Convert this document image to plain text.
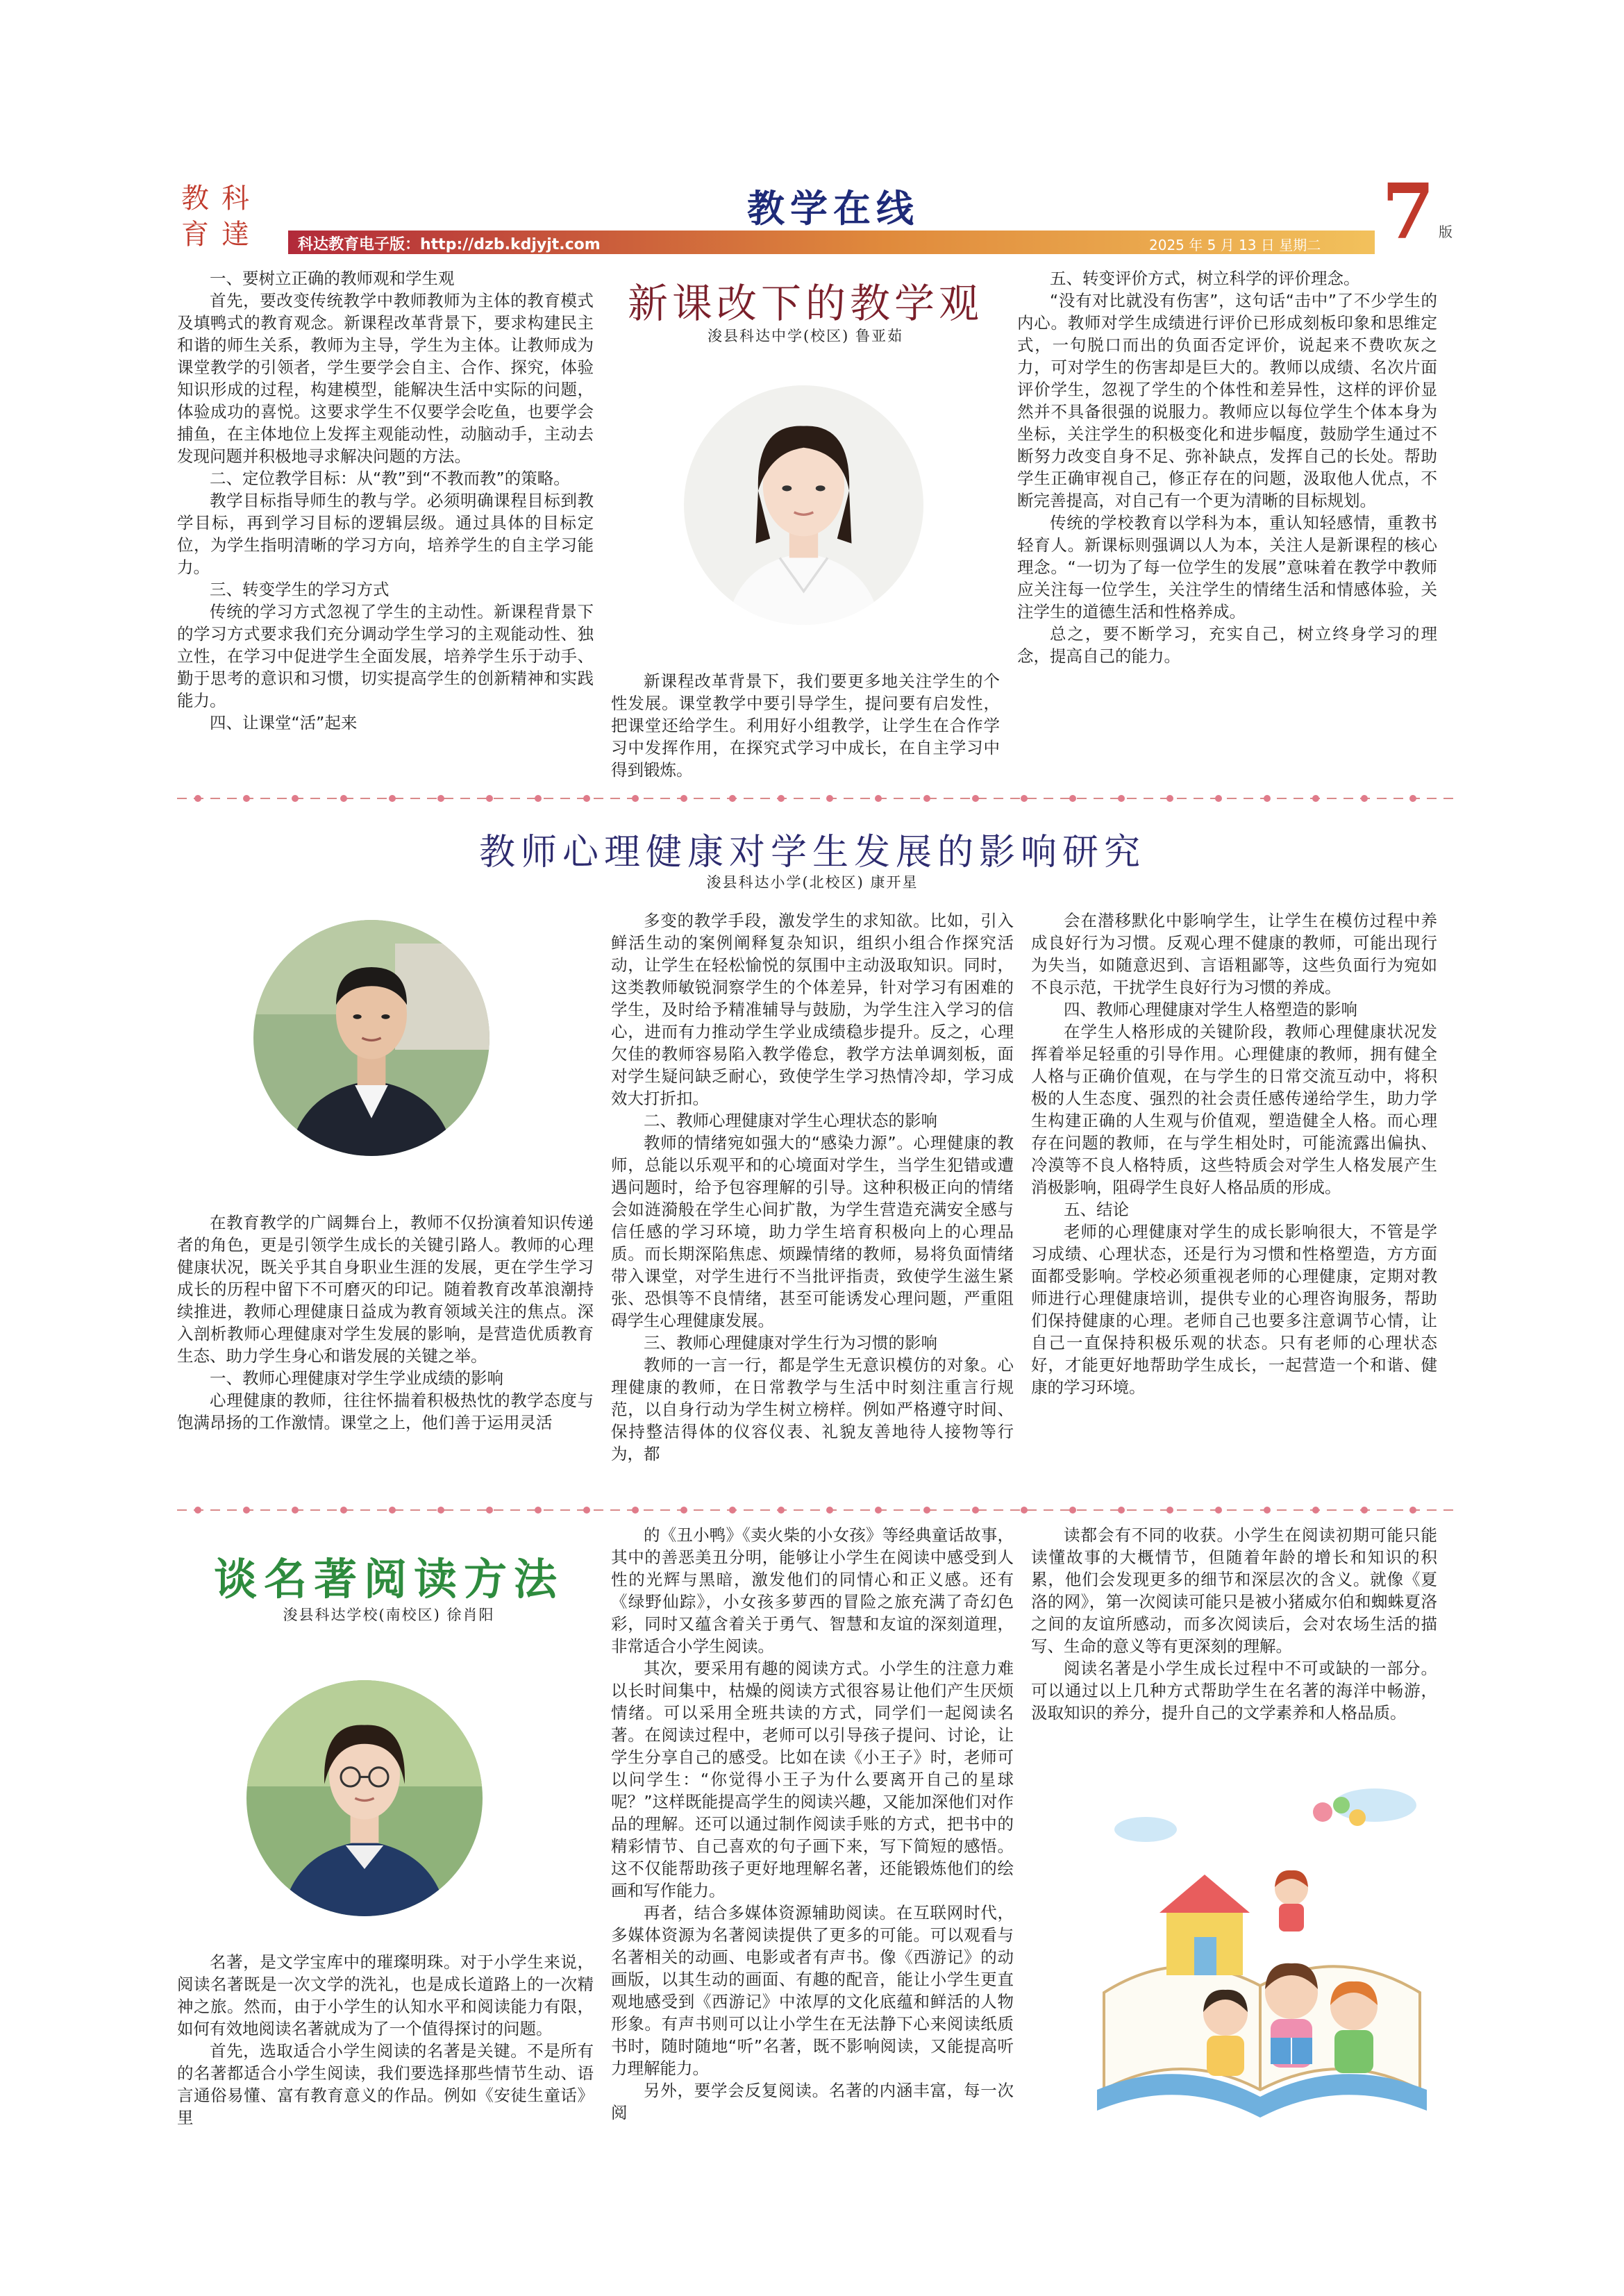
教 科
育 達
教学在线
科达教育电子版：http://dzb.kdjyjt.com	2025 年 5 月 13 日 星期二 7 版

一、要树立正确的教师观和学生观

首先，要改变传统教学中教师教师为主体的教育模式及填鸭式的教育观念。新课程改革背景下，要求构建民主和谐的师生关系，教师为主导，学生为主体。让教师成为课堂教学的引领者，学生要学会自主、合作、探究，体验知识形成的过程，构建模型，能解决生活中实际的问题，体验成功的喜悦。这要求学生不仅要学会吃鱼，也要学会捕鱼，在主体地位上发挥主观能动性，动脑动手，主动去发现问题并积极地寻求解决问题的方法。

二、定位教学目标：从“教”到“不教而教”的策略。

教学目标指导师生的教与学。必须明确课程目标到教学目标，再到学习目标的逻辑层级。通过具体的目标定位，为学生指明清晰的学习方向，培养学生的自主学习能力。

三、转变学生的学习方式

传统的学习方式忽视了学生的主动性。新课程背景下的学习方式要求我们充分调动学生学习的主观能动性、独立性，在学习中促进学生全面发展，培养学生乐于动手、勤于思考的意识和习惯，切实提高学生的创新精神和实践能力。

四、让课堂“活”起来

新课改下的教学观
浚县科达中学(校区) 鲁亚茹

新课程改革背景下，我们要更多地关注学生的个性发展。课堂教学中要引导学生，提问要有启发性，把课堂还给学生。利用好小组教学，让学生在合作学习中发挥作用，在探究式学习中成长，在自主学习中得到锻炼。

五、转变评价方式，树立科学的评价理念。

“没有对比就没有伤害”，这句话“击中”了不少学生的内心。教师对学生成绩进行评价已形成刻板印象和思维定式，一句脱口而出的负面否定评价，说起来不费吹灰之力，可对学生的伤害却是巨大的。教师以成绩、名次片面评价学生，忽视了学生的个体性和差异性，这样的评价显然并不具备很强的说服力。教师应以每位学生个体本身为坐标，关注学生的积极变化和进步幅度，鼓励学生通过不断努力改变自身不足、弥补缺点，发挥自己的长处。帮助学生正确审视自己，修正存在的问题，汲取他人优点，不断完善提高，对自己有一个更为清晰的目标规划。

传统的学校教育以学科为本，重认知轻感情，重教书轻育人。新课标则强调以人为本，关注人是新课程的核心理念。“一切为了每一位学生的发展”意味着在教学中教师应关注每一位学生，关注学生的情绪生活和情感体验，关注学生的道德生活和性格养成。

总之，要不断学习，充实自己，树立终身学习的理念，提高自己的能力。

教师心理健康对学生发展的影响研究
浚县科达小学(北校区) 康开星

在教育教学的广阔舞台上，教师不仅扮演着知识传递者的角色，更是引领学生成长的关键引路人。教师的心理健康状况，既关乎其自身职业生涯的发展，更在学生学习成长的历程中留下不可磨灭的印记。随着教育改革浪潮持续推进，教师心理健康日益成为教育领域关注的焦点。深入剖析教师心理健康对学生发展的影响，是营造优质教育生态、助力学生身心和谐发展的关键之举。

一、教师心理健康对学生学业成绩的影响

心理健康的教师，往往怀揣着积极热忱的教学态度与饱满昂扬的工作激情。课堂之上，他们善于运用灵活

多变的教学手段，激发学生的求知欲。比如，引入鲜活生动的案例阐释复杂知识，组织小组合作探究活动，让学生在轻松愉悦的氛围中主动汲取知识。同时，这类教师敏锐洞察学生的个体差异，针对学习有困难的学生，及时给予精准辅导与鼓励，为学生注入学习的信心，进而有力推动学生学业成绩稳步提升。反之，心理欠佳的教师容易陷入教学倦怠，教学方法单调刻板，面对学生疑问缺乏耐心，致使学生学习热情冷却，学习成效大打折扣。

二、教师心理健康对学生心理状态的影响

教师的情绪宛如强大的“感染力源”。心理健康的教师，总能以乐观平和的心境面对学生，当学生犯错或遭遇问题时，给予包容理解的引导。这种积极正向的情绪会如涟漪般在学生心间扩散，为学生营造充满安全感与信任感的学习环境，助力学生培育积极向上的心理品质。而长期深陷焦虑、烦躁情绪的教师，易将负面情绪带入课堂，对学生进行不当批评指责，致使学生滋生紧张、恐惧等不良情绪，甚至可能诱发心理问题，严重阻碍学生心理健康发展。

三、教师心理健康对学生行为习惯的影响

教师的一言一行，都是学生无意识模仿的对象。心理健康的教师，在日常教学与生活中时刻注重言行规范，以自身行动为学生树立榜样。例如严格遵守时间、保持整洁得体的仪容仪表、礼貌友善地待人接物等行为，都

会在潜移默化中影响学生，让学生在模仿过程中养成良好行为习惯。反观心理不健康的教师，可能出现行为失当，如随意迟到、言语粗鄙等，这些负面行为宛如不良示范，干扰学生良好行为习惯的养成。

四、教师心理健康对学生人格塑造的影响

在学生人格形成的关键阶段，教师心理健康状况发挥着举足轻重的引导作用。心理健康的教师，拥有健全人格与正确价值观，在与学生的日常交流互动中，将积极的人生态度、强烈的社会责任感传递给学生，助力学生构建正确的人生观与价值观，塑造健全人格。而心理存在问题的教师，在与学生相处时，可能流露出偏执、冷漠等不良人格特质，这些特质会对学生人格发展产生消极影响，阻碍学生良好人格品质的形成。

五、结论

老师的心理健康对学生的成长影响很大，不管是学习成绩、心理状态，还是行为习惯和性格塑造，方方面面都受影响。学校必须重视老师的心理健康，定期对教师进行心理健康培训，提供专业的心理咨询服务，帮助们保持健康的心理。老师自己也要多注意调节心情，让自己一直保持积极乐观的状态。只有老师的心理状态好，才能更好地帮助学生成长，一起营造一个和谐、健康的学习环境。

谈名著阅读方法
浚县科达学校(南校区) 徐肖阳

名著，是文学宝库中的璀璨明珠。对于小学生来说，阅读名著既是一次文学的洗礼，也是成长道路上的一次精神之旅。然而，由于小学生的认知水平和阅读能力有限，如何有效地阅读名著就成为了一个值得探讨的问题。

首先，选取适合小学生阅读的名著是关键。不是所有的名著都适合小学生阅读，我们要选择那些情节生动、语言通俗易懂、富有教育意义的作品。例如《安徒生童话》里

的《丑小鸭》《卖火柴的小女孩》等经典童话故事，其中的善恶美丑分明，能够让小学生在阅读中感受到人性的光辉与黑暗，激发他们的同情心和正义感。还有《绿野仙踪》，小女孩多萝西的冒险之旅充满了奇幻色彩，同时又蕴含着关于勇气、智慧和友谊的深刻道理，非常适合小学生阅读。

其次，要采用有趣的阅读方式。小学生的注意力难以长时间集中，枯燥的阅读方式很容易让他们产生厌烦情绪。可以采用全班共读的方式，同学们一起阅读名著。在阅读过程中，老师可以引导孩子提问、讨论，让学生分享自己的感受。比如在读《小王子》时，老师可以问学生：“你觉得小王子为什么要离开自己的星球呢？”这样既能提高学生的阅读兴趣，又能加深他们对作品的理解。还可以通过制作阅读手账的方式，把书中的精彩情节、自己喜欢的句子画下来，写下简短的感悟。这不仅能帮助孩子更好地理解名著，还能锻炼他们的绘画和写作能力。

再者，结合多媒体资源辅助阅读。在互联网时代，多媒体资源为名著阅读提供了更多的可能。可以观看与名著相关的动画、电影或者有声书。像《西游记》的动画版，以其生动的画面、有趣的配音，能让小学生更直观地感受到《西游记》中浓厚的文化底蕴和鲜活的人物形象。有声书则可以让小学生在无法静下心来阅读纸质书时，随时随地“听”名著，既不影响阅读，又能提高听力理解能力。

另外，要学会反复阅读。名著的内涵丰富，每一次阅

读都会有不同的收获。小学生在阅读初期可能只能读懂故事的大概情节，但随着年龄的增长和知识的积累，他们会发现更多的细节和深层次的含义。就像《夏洛的网》，第一次阅读可能只是被小猪威尔伯和蜘蛛夏洛之间的友谊所感动，而多次阅读后，会对农场生活的描写、生命的意义等有更深刻的理解。

阅读名著是小学生成长过程中不可或缺的一部分。可以通过以上几种方式帮助学生在名著的海洋中畅游，汲取知识的养分，提升自己的文学素养和人格品质。
